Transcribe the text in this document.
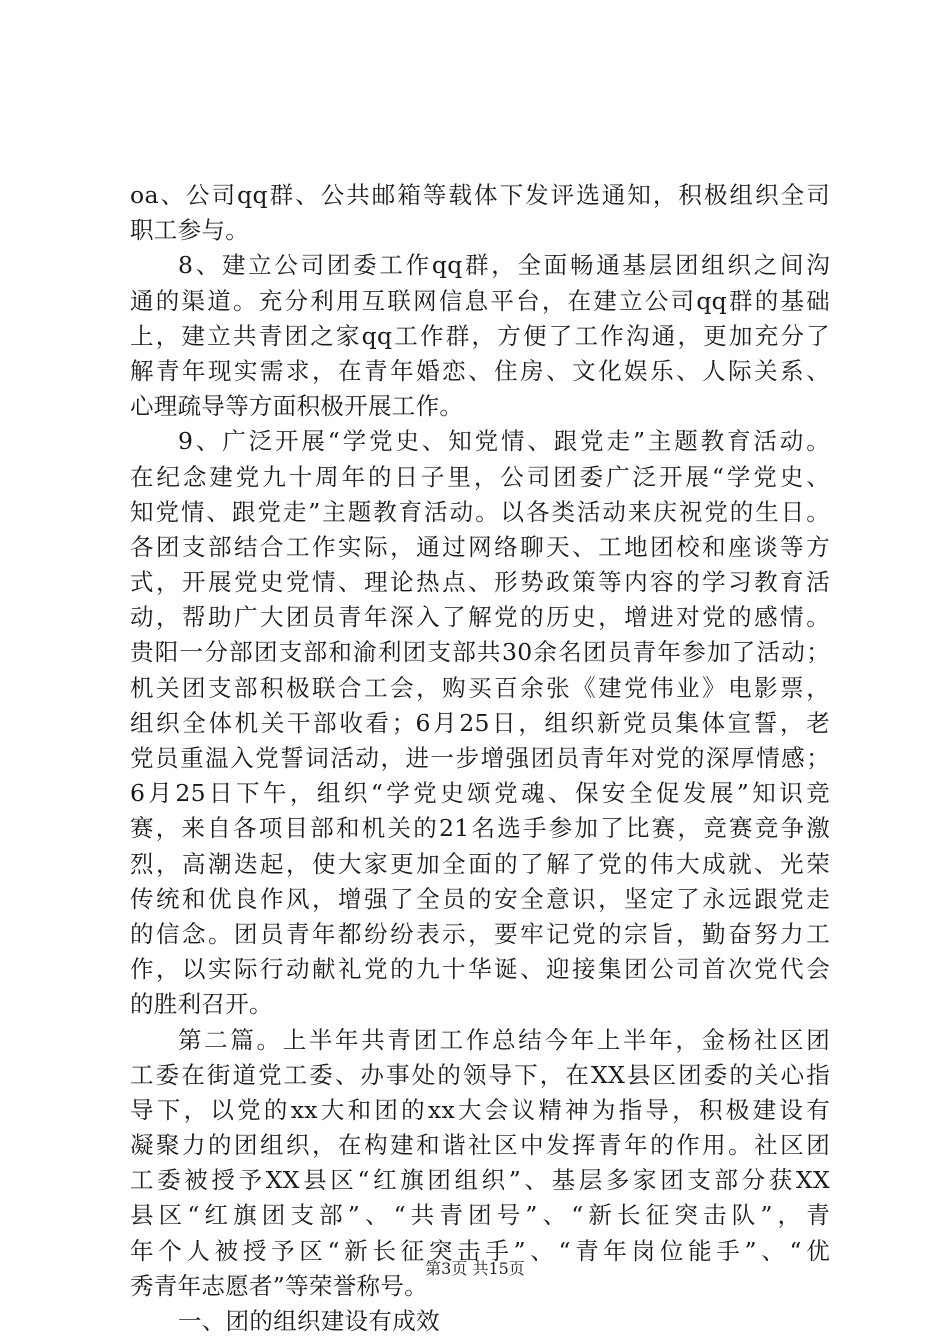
oa、公司qq群、公共邮箱等载体下发评选通知，积极组织全司
职工参与。
8、建立公司团委工作qq群，全面畅通基层团组织之间沟
通的渠道。充分利用互联网信息平台，在建立公司qq群的基础
上，建立共青团之家qq工作群，方便了工作沟通，更加充分了
解青年现实需求，在青年婚恋、住房、文化娱乐、人际关系、
心理疏导等方面积极开展工作。
9、广泛开展“学党史、知党情、跟党走”主题教育活动。
在纪念建党九十周年的日子里，公司团委广泛开展“学党史、
知党情、跟党走”主题教育活动。以各类活动来庆祝党的生日。
各团支部结合工作实际，通过网络聊天、工地团校和座谈等方
式，开展党史党情、理论热点、形势政策等内容的学习教育活
动，帮助广大团员青年深入了解党的历史，增进对党的感情。
贵阳一分部团支部和渝利团支部共30余名团员青年参加了活动；
机关团支部积极联合工会，购买百余张《建党伟业》电影票，
组织全体机关干部收看；6月25日，组织新党员集体宣誓，老
党员重温入党誓词活动，进一步增强团员青年对党的深厚情感；
6月25日下午，组织“学党史颂党魂、保安全促发展”知识竞
赛，来自各项目部和机关的21名选手参加了比赛，竞赛竞争激
烈，高潮迭起，使大家更加全面的了解了党的伟大成就、光荣
传统和优良作风，增强了全员的安全意识，坚定了永远跟党走
的信念。团员青年都纷纷表示，要牢记党的宗旨，勤奋努力工
作，以实际行动献礼党的九十华诞、迎接集团公司首次党代会
的胜利召开。
第二篇。上半年共青团工作总结今年上半年，金杨社区团
工委在街道党工委、办事处的领导下，在XX县区团委的关心指
导下，以党的xx大和团的xx大会议精神为指导，积极建设有
凝聚力的团组织，在构建和谐社区中发挥青年的作用。社区团
工委被授予XX县区“红旗团组织”、基层多家团支部分获XX
县区“红旗团支部”、“共青团号”、“新长征突击队”，青
年个人被授予区“新长征突击手”、“青年岗位能手”、“优
秀青年志愿者”等荣誉称号。
一、团的组织建设有成效
第3页 共15页
